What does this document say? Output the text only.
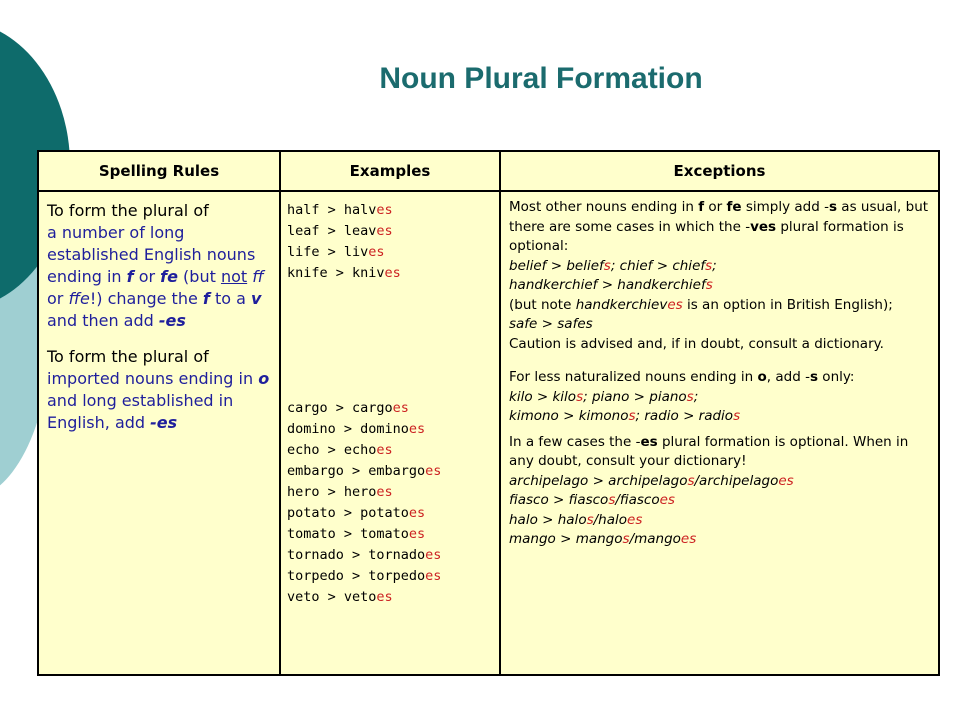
Noun Plural Formation
Spelling Rules	Examples	Exceptions

To form the plural of
a number of long established English nouns ending in f or fe (but not ff or ffe!) change the f to a v and then add -es

To form the plural of
imported nouns ending in o and long established in English, add -es

half > halves
leaf > leaves
life > lives
knife > knives
cargo > cargoes
domino > dominoes
echo > echoes
embargo > embargoes
hero > heroes
potato > potatoes
tomato > tomatoes
tornado > tornadoes
torpedo > torpedoes
veto > vetoes

Most other nouns ending in f or fe simply add -s as usual, but there are some cases in which the -ves plural formation is optional:
belief > beliefs; chief > chiefs;
handkerchief > handkerchiefs
(but note handkerchieves is an option in British English);
safe > safes
Caution is advised and, if in doubt, consult a dictionary.

For less naturalized nouns ending in o, add -s only:
kilo > kilos; piano > pianos;
kimono > kimonos; radio > radios

In a few cases the -es plural formation is optional. When in any doubt, consult your dictionary!
archipelago > archipelagos/archipelagoes
fiasco > fiascos/fiascoes
halo > halos/haloes
mango > mangos/mangoes
